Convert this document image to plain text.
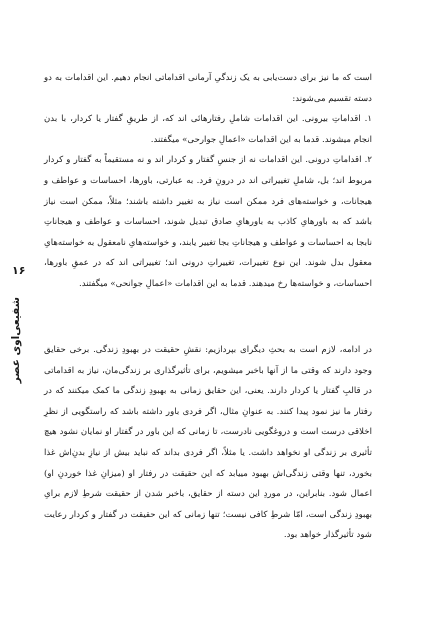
است که ما نیز برای دست‌یابی به یک زندگیِ آرمانی اقداماتی انجام دهیم. این اقدامات به دو دسته تقسیم می‌شوند:

۱. اقداماتِ بیرونی. این اقدامات شاملِ رفتارهائی اند که، از طریقِ گفتار یا کردار، با بدن انجام میشوند. قدما به این اقدامات «اعمالِ جوارحی» میگفتند.

۲. اقداماتِ درونی. این اقدامات نه از جنسِ گفتار و کردار اند و نه مستقیماً به گفتار و کردار مربوط اند؛ بل، شاملِ تغییراتی اند در درونِ فرد. به عبارتی، باورها، احساسات و عواطف و هیجانات، و خواسته‌های فرد ممکن است نیاز به تغییر داشته باشند؛ مثلاً، ممکن است نیاز باشد که به باورهایِ کاذب به باورهایِ صادق تبدیل شوند، احساسات و عواطف و هیجاناتِ نابجا به احساسات و عواطف و هیجاناتِ بجا تغییر یابند، و خواسته‌هایِ نامعقول به خواسته‌هایِ معقول بدل شوند. این نوع تغییرات، تغییراتِ درونی اند؛ تغییراتی اند که در عمقِ باورها، احساسات، و خواسته‌ها رخ میدهند. قدما به این اقدامات «اعمالِ جوانحی» میگفتند.

۱۶
شفیعی‌اوی عصر	در ادامه، لازم است به بحثِ دیگرای بپردازیم: نقشِ حقیقت در بهبودِ زندگی. برخی حقایق وجود دارند که وقتی ما از آنها باخبر میشویم، برای تأثیرگذاری بر زندگی‌مان، نیاز به اقداماتی در قالبِ گفتار یا کردار دارند. یعنی، این حقایق زمانی به بهبودِ زندگی ما کمک میکنند که در رفتار ما نیز نمود پیدا کنند. به عنوانِ مثال، اگر فردی باور داشته باشد که راستگویی از نظرِ اخلاقی درست است و دروغگویی نادرست، تا زمانی که این باور در گفتار او نمایان نشود هیچ تأثیری بر زندگی او نخواهد داشت. یا مثلاً، اگر فردی بداند که نباید بیش از نیازِ بدنِ‌اش غذا بخورد، تنها وقتی زندگی‌اش بهبود مییابد که این حقیقت در رفتار او (میزانِ غذا خوردنِ او) اعمال شود. بنابراین، در موردِ این دسته از حقایق، باخبر شدن از حقیقت شرطِ لازم برایِ بهبودِ زندگی است، امّا شرطِ کافی نیست؛ تنها زمانی که این حقیقت در گفتار و کردار رعایت شود تأثیرگذار خواهد بود.
